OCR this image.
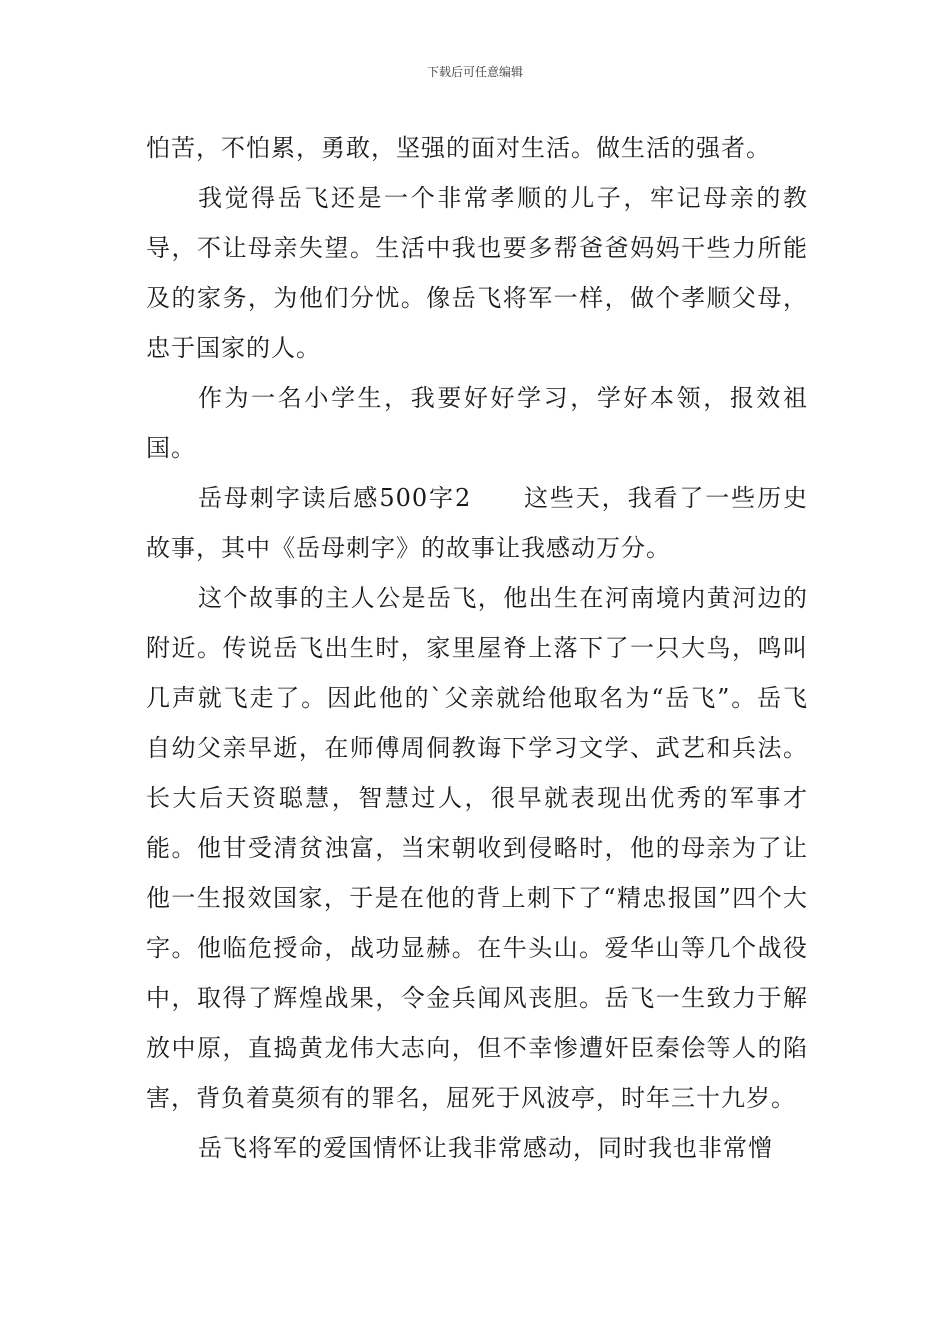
下载后可任意编辑

怕苦，不怕累，勇敢，坚强的面对生活。做生活的强者。

我觉得岳飞还是一个非常孝顺的儿子，牢记母亲的教导，不让母亲失望。生活中我也要多帮爸爸妈妈干些力所能及的家务，为他们分忧。像岳飞将军一样，做个孝顺父母，忠于国家的人。

作为一名小学生，我要好好学习，学好本领，报效祖国。

岳母刺字读后感500字2　　这些天，我看了一些历史故事，其中《岳母刺字》的故事让我感动万分。

这个故事的主人公是岳飞，他出生在河南境内黄河边的附近。传说岳飞出生时，家里屋脊上落下了一只大鸟，鸣叫几声就飞走了。因此他的`父亲就给他取名为“岳飞”。岳飞自幼父亲早逝，在师傅周侗教诲下学习文学、武艺和兵法。长大后天资聪慧，智慧过人，很早就表现出优秀的军事才能。他甘受清贫浊富，当宋朝收到侵略时，他的母亲为了让他一生报效国家，于是在他的背上刺下了“精忠报国”四个大字。他临危授命，战功显赫。在牛头山。爱华山等几个战役中，取得了辉煌战果，令金兵闻风丧胆。岳飞一生致力于解放中原，直捣黄龙伟大志向，但不幸惨遭奸臣秦侩等人的陷害，背负着莫须有的罪名，屈死于风波亭，时年三十九岁。

岳飞将军的爱国情怀让我非常感动，同时我也非常憎
